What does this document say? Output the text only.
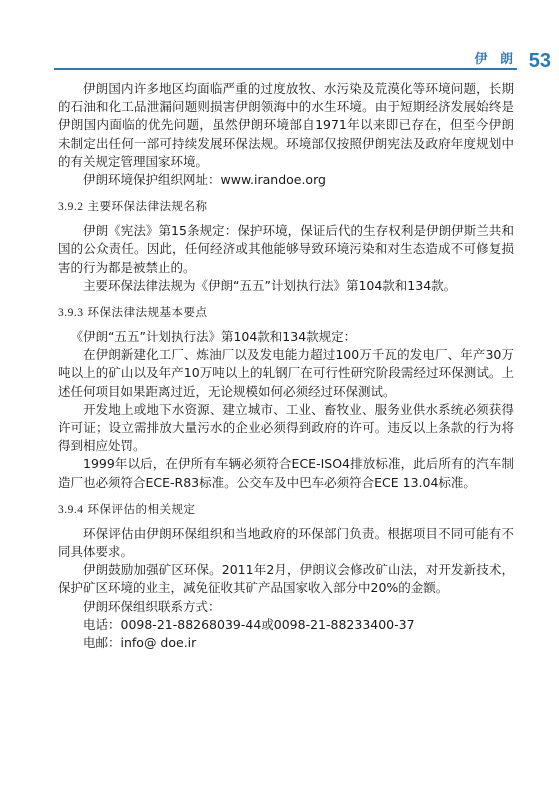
伊 朗 53

伊朗国内许多地区均面临严重的过度放牧、水污染及荒漠化等环境问题，长期的石油和化工品泄漏问题则损害伊朗领海中的水生环境。由于短期经济发展始终是伊朗国内面临的优先问题，虽然伊朗环境部自1971年以来即已存在，但至今伊朗未制定出任何一部可持续发展环保法规。环境部仅按照伊朗宪法及政府年度规划中的有关规定管理国家环境。

伊朗环境保护组织网址：www.irandoe.org

3.9.2 主要环保法律法规名称

伊朗《宪法》第15条规定：保护环境，保证后代的生存权利是伊朗伊斯兰共和国的公众责任。因此，任何经济或其他能够导致环境污染和对生态造成不可修复损害的行为都是被禁止的。

主要环保法律法规为《伊朗“五五”计划执行法》第104款和134款。

3.9.3 环保法律法规基本要点

《伊朗“五五”计划执行法》第104款和134款规定：

在伊朗新建化工厂、炼油厂以及发电能力超过100万千瓦的发电厂、年产30万吨以上的矿山以及年产10万吨以上的轧钢厂在可行性研究阶段需经过环保测试。上述任何项目如果距离过近，无论规模如何必须经过环保测试。

开发地上或地下水资源、建立城市、工业、畜牧业、服务业供水系统必须获得许可证；设立需排放大量污水的企业必须得到政府的许可。违反以上条款的行为将得到相应处罚。

1999年以后，在伊所有车辆必须符合ECE-ISO4排放标准，此后所有的汽车制造厂也必须符合ECE-R83标准。公交车及中巴车必须符合ECE 13.04标准。

3.9.4 环保评估的相关规定

环保评估由伊朗环保组织和当地政府的环保部门负责。根据项目不同可能有不同具体要求。

伊朗鼓励加强矿区环保。2011年2月，伊朗议会修改矿山法，对开发新技术，保护矿区环境的业主，减免征收其矿产品国家收入部分中20%的金额。

伊朗环保组织联系方式：

电话：0098-21-88268039-44或0098-21-88233400-37

电邮：info@ doe.ir
